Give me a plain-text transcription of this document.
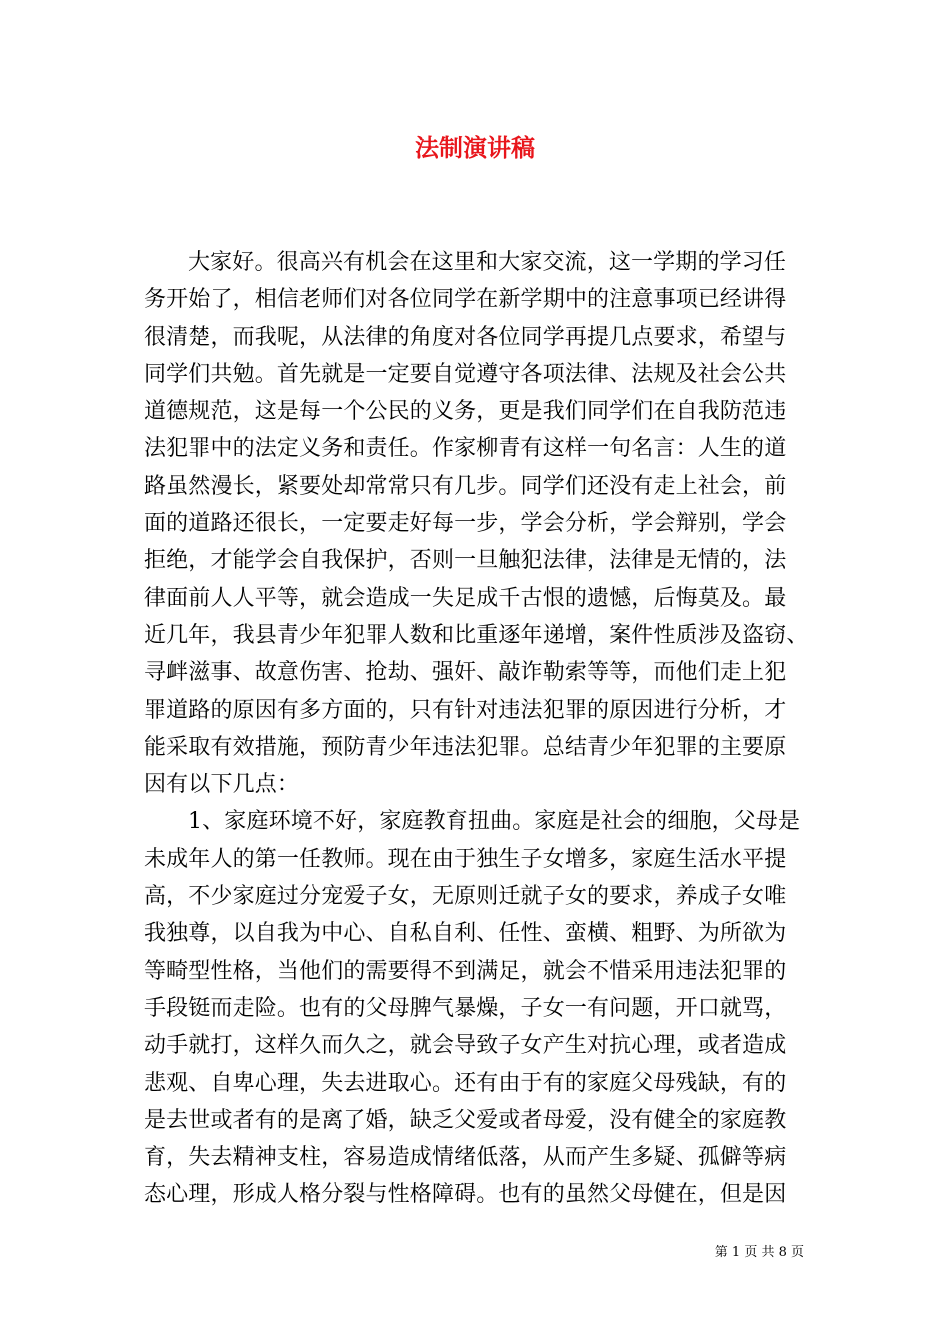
法制演讲稿
大家好。很高兴有机会在这里和大家交流，这一学期的学习任
务开始了，相信老师们对各位同学在新学期中的注意事项已经讲得
很清楚，而我呢，从法律的角度对各位同学再提几点要求，希望与
同学们共勉。首先就是一定要自觉遵守各项法律、法规及社会公共
道德规范，这是每一个公民的义务，更是我们同学们在自我防范违
法犯罪中的法定义务和责任。作家柳青有这样一句名言：人生的道
路虽然漫长，紧要处却常常只有几步。同学们还没有走上社会，前
面的道路还很长，一定要走好每一步，学会分析，学会辩别，学会
拒绝，才能学会自我保护，否则一旦触犯法律，法律是无情的，法
律面前人人平等，就会造成一失足成千古恨的遗憾，后悔莫及。最
近几年，我县青少年犯罪人数和比重逐年递增，案件性质涉及盗窃、
寻衅滋事、故意伤害、抢劫、强奸、敲诈勒索等等，而他们走上犯
罪道路的原因有多方面的，只有针对违法犯罪的原因进行分析，才
能采取有效措施，预防青少年违法犯罪。总结青少年犯罪的主要原
因有以下几点：
1、家庭环境不好，家庭教育扭曲。家庭是社会的细胞，父母是
未成年人的第一任教师。现在由于独生子女增多，家庭生活水平提
高，不少家庭过分宠爱子女，无原则迁就子女的要求，养成子女唯
我独尊，以自我为中心、自私自利、任性、蛮横、粗野、为所欲为
等畸型性格，当他们的需要得不到满足，就会不惜采用违法犯罪的
手段铤而走险。也有的父母脾气暴燥，子女一有问题，开口就骂，
动手就打，这样久而久之，就会导致子女产生对抗心理，或者造成
悲观、自卑心理，失去进取心。还有由于有的家庭父母残缺，有的
是去世或者有的是离了婚，缺乏父爱或者母爱，没有健全的家庭教
育，失去精神支柱，容易造成情绪低落，从而产生多疑、孤僻等病
态心理，形成人格分裂与性格障碍。也有的虽然父母健在，但是因
第 1 页 共 8 页
